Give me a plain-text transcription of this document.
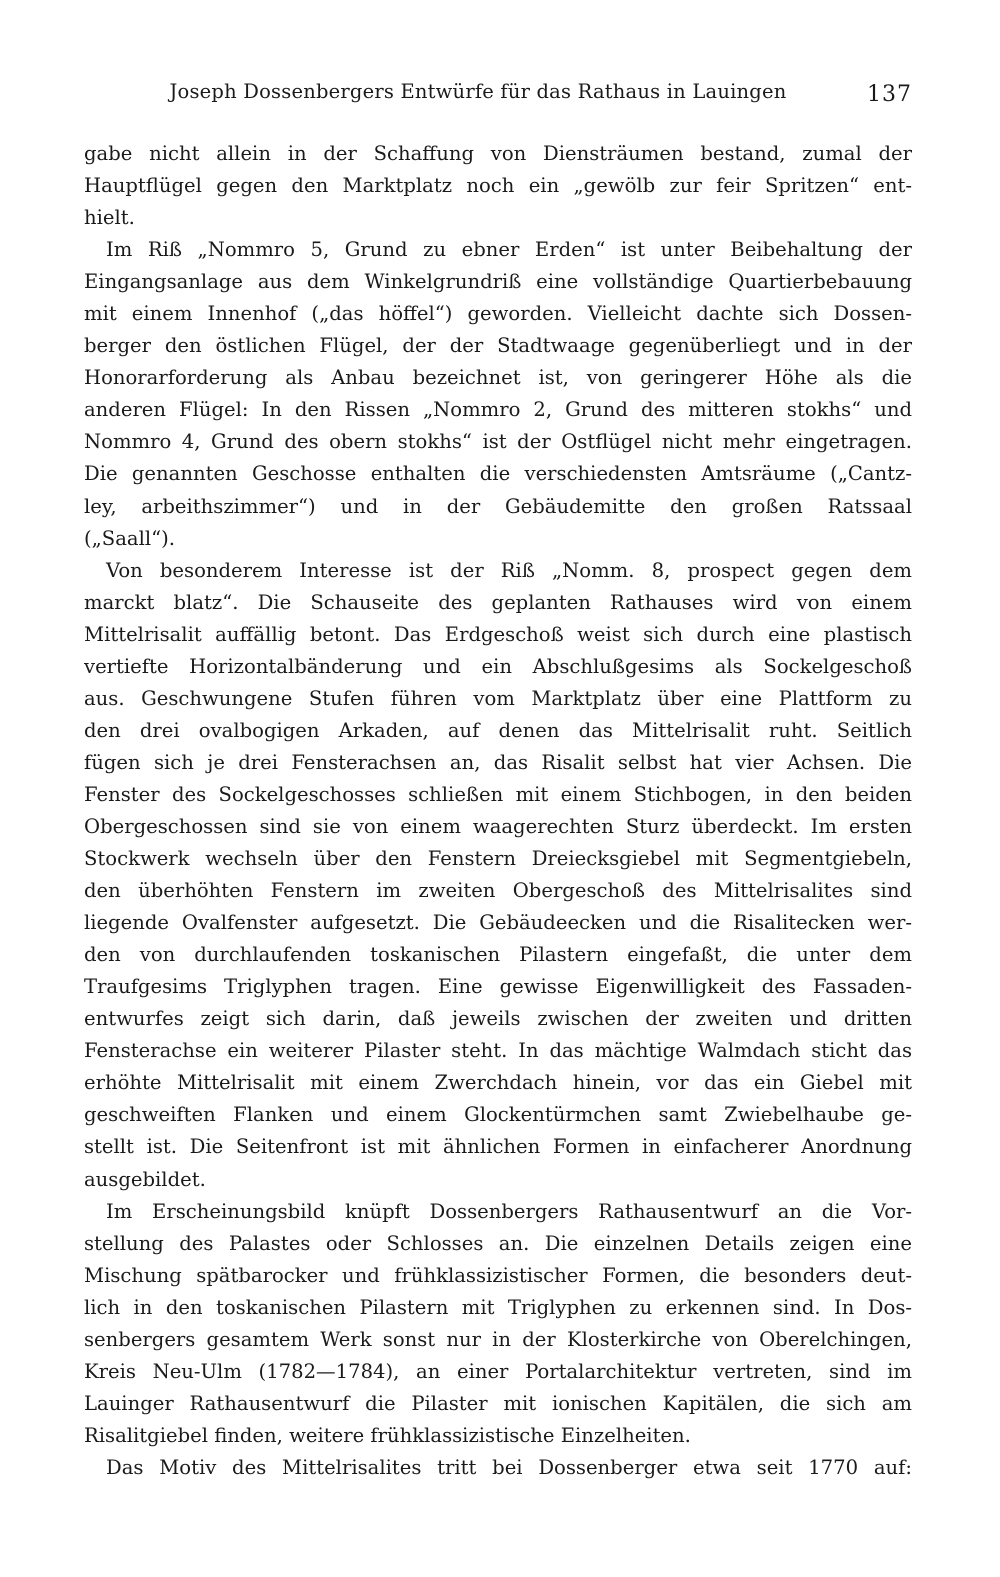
Joseph Dossenbergers Entwürfe für das Rathaus in Lauingen	137
gabe nicht allein in der Schaffung von Diensträumen bestand, zumal der
Hauptflügel gegen den Marktplatz noch ein „gewölb zur feir Spritzen“ ent-
hielt.
Im Riß „Nommro 5, Grund zu ebner Erden“ ist unter Beibehaltung der
Eingangsanlage aus dem Winkelgrundriß eine vollständige Quartierbebauung
mit einem Innenhof („das höffel“) geworden. Vielleicht dachte sich Dossen-
berger den östlichen Flügel, der der Stadtwaage gegenüberliegt und in der
Honorarforderung als Anbau bezeichnet ist, von geringerer Höhe als die
anderen Flügel: In den Rissen „Nommro 2, Grund des mitteren stokhs“ und
Nommro 4, Grund des obern stokhs“ ist der Ostflügel nicht mehr eingetragen.
Die genannten Geschosse enthalten die verschiedensten Amtsräume („Cantz-
ley, arbeithszimmer“) und in der Gebäudemitte den großen Ratssaal
(„Saall“).
Von besonderem Interesse ist der Riß „Nomm. 8, prospect gegen dem
marckt blatz“. Die Schauseite des geplanten Rathauses wird von einem
Mittelrisalit auffällig betont. Das Erdgeschoß weist sich durch eine plastisch
vertiefte Horizontalbänderung und ein Abschlußgesims als Sockelgeschoß
aus. Geschwungene Stufen führen vom Marktplatz über eine Plattform zu
den drei ovalbogigen Arkaden, auf denen das Mittelrisalit ruht. Seitlich
fügen sich je drei Fensterachsen an, das Risalit selbst hat vier Achsen. Die
Fenster des Sockelgeschosses schließen mit einem Stichbogen, in den beiden
Obergeschossen sind sie von einem waagerechten Sturz überdeckt. Im ersten
Stockwerk wechseln über den Fenstern Dreiecksgiebel mit Segmentgiebeln,
den überhöhten Fenstern im zweiten Obergeschoß des Mittelrisalites sind
liegende Ovalfenster aufgesetzt. Die Gebäudeecken und die Risalitecken wer-
den von durchlaufenden toskanischen Pilastern eingefaßt, die unter dem
Traufgesims Triglyphen tragen. Eine gewisse Eigenwilligkeit des Fassaden-
entwurfes zeigt sich darin, daß jeweils zwischen der zweiten und dritten
Fensterachse ein weiterer Pilaster steht. In das mächtige Walmdach sticht das
erhöhte Mittelrisalit mit einem Zwerchdach hinein, vor das ein Giebel mit
geschweiften Flanken und einem Glockentürmchen samt Zwiebelhaube ge-
stellt ist. Die Seitenfront ist mit ähnlichen Formen in einfacherer Anordnung
ausgebildet.
Im Erscheinungsbild knüpft Dossenbergers Rathausentwurf an die Vor-
stellung des Palastes oder Schlosses an. Die einzelnen Details zeigen eine
Mischung spätbarocker und frühklassizistischer Formen, die besonders deut-
lich in den toskanischen Pilastern mit Triglyphen zu erkennen sind. In Dos-
senbergers gesamtem Werk sonst nur in der Klosterkirche von Oberelchingen,
Kreis Neu-Ulm (1782—1784), an einer Portalarchitektur vertreten, sind im
Lauinger Rathausentwurf die Pilaster mit ionischen Kapitälen, die sich am
Risalitgiebel finden, weitere frühklassizistische Einzelheiten.
Das Motiv des Mittelrisalites tritt bei Dossenberger etwa seit 1770 auf:
